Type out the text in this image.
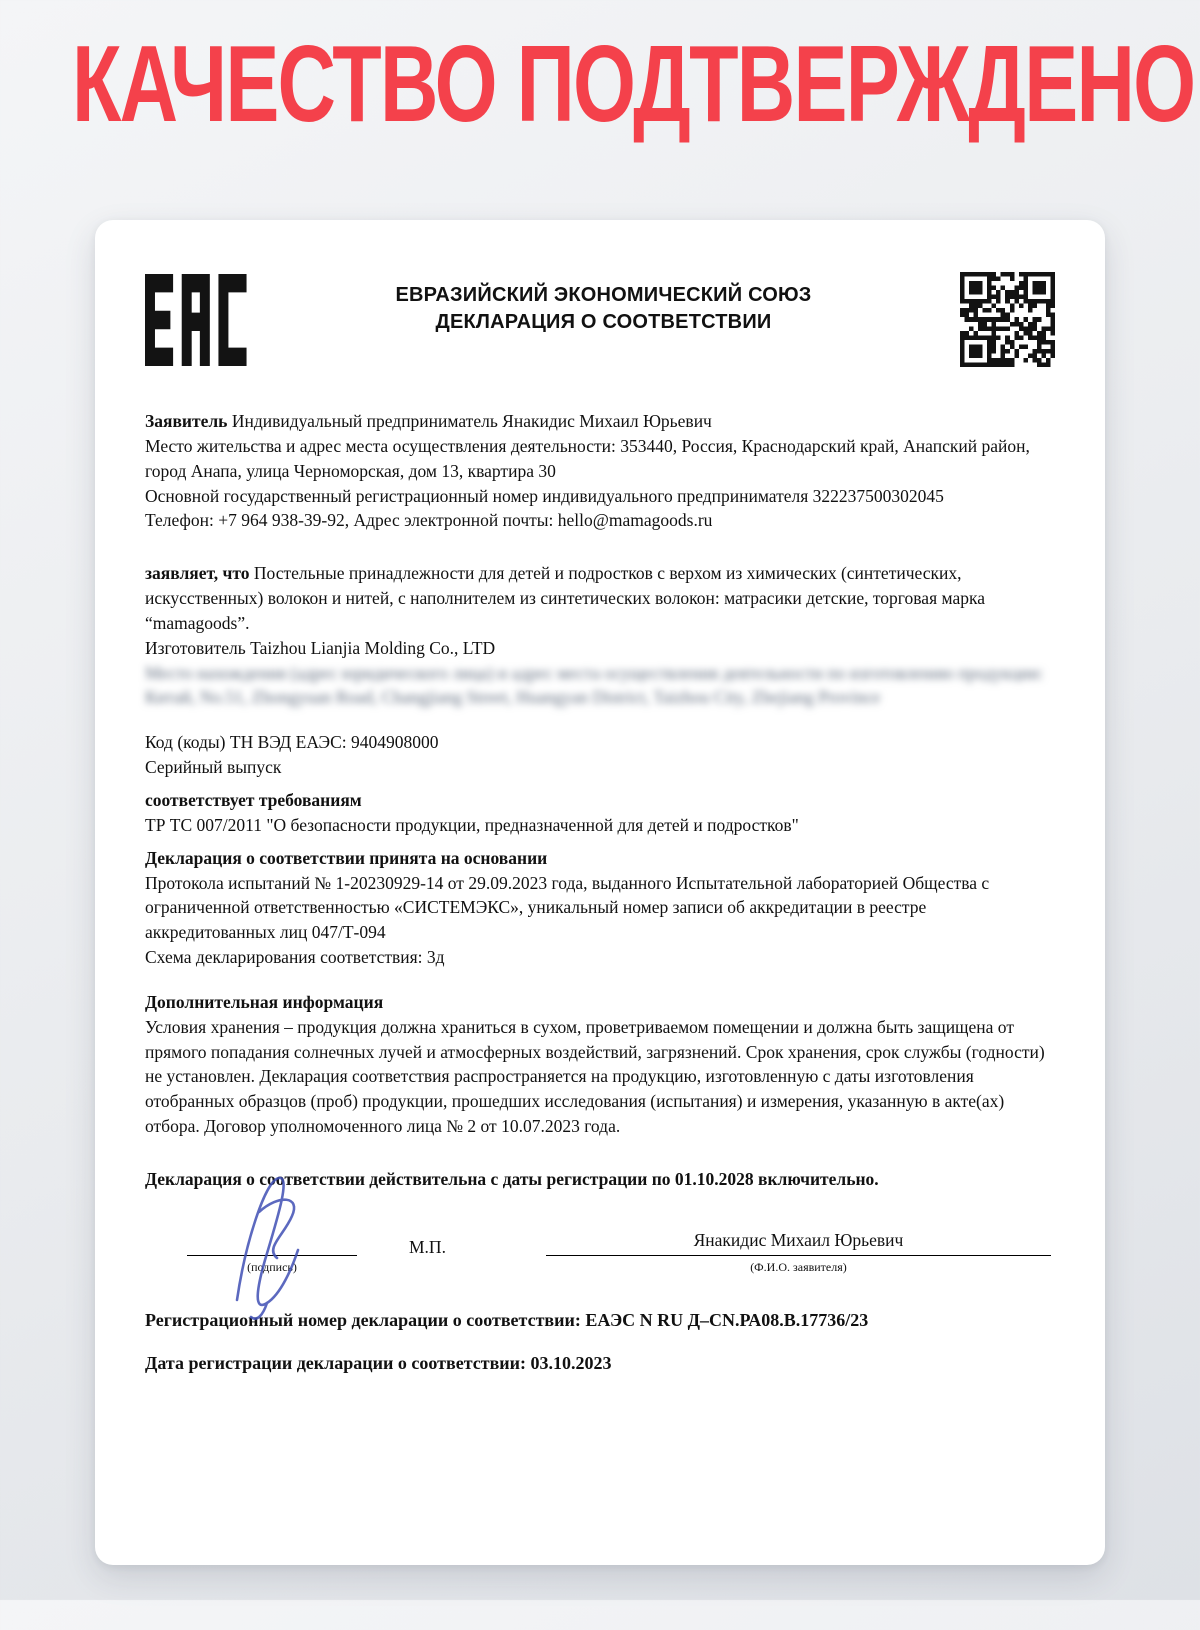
КАЧЕСТВО ПОДТВЕРЖДЕНО
ЕВРАЗИЙСКИЙ ЭКОНОМИЧЕСКИЙ СОЮЗ
ДЕКЛАРАЦИЯ О СООТВЕТСТВИИ
Заявитель Индивидуальный предприниматель Янакидис Михаил Юрьевич
Место жительства и адрес места осуществления деятельности: 353440, Россия, Краснодарский край, Анапский район, город Анапа, улица Черноморская, дом 13, квартира 30
Основной государственный регистрационный номер индивидуального предпринимателя 322237500302045
Телефон: +7 964 938-39-92, Адрес электронной почты: hello@mamagoods.ru
заявляет, что Постельные принадлежности для детей и подростков с верхом из химических (синтетических, искусственных) волокон и нитей, с наполнителем из синтетических волокон: матрасики детские, торговая марка “mamagoods”.
Изготовитель Taizhou Lianjia Molding Co., LTD
Место нахождения (адрес юридического лица) и адрес места осуществления деятельности по изготовлению продукции: Китай, No.51, Zhongyuan Road, Changjiang Street, Huangyan District, Taizhou City, Zhejiang Province
Код (коды) ТН ВЭД ЕАЭС: 9404908000
Серийный выпуск
соответствует требованиям
ТР ТС 007/2011 "О безопасности продукции, предназначенной для детей и подростков"
Декларация о соответствии принята на основании
Протокола испытаний № 1-20230929-14 от 29.09.2023 года, выданного Испытательной лабораторией Общества с ограниченной ответственностью «СИСТЕМЭКС», уникальный номер записи об аккредитации в реестре аккредитованных лиц 047/Т-094
Схема декларирования соответствия: 3д
Дополнительная информация
Условия хранения – продукция должна храниться в сухом, проветриваемом помещении и должна быть защищена от прямого попадания солнечных лучей и атмосферных воздействий, загрязнений. Срок хранения, срок службы (годности) не установлен. Декларация соответствия распространяется на продукцию, изготовленную с даты изготовления отобранных образцов (проб) продукции, прошедших исследования (испытания) и измерения, указанную в акте(ах) отбора. Договор уполномоченного лица № 2 от 10.07.2023 года.
Декларация о соответствии действительна с даты регистрации по 01.10.2028 включительно.
(подпись)
М.П.	Янакидис Михаил Юрьевич
(Ф.И.О. заявителя)
Регистрационный номер декларации о соответствии: ЕАЭС N RU Д–CN.РА08.В.17736/23
Дата регистрации декларации о соответствии: 03.10.2023
